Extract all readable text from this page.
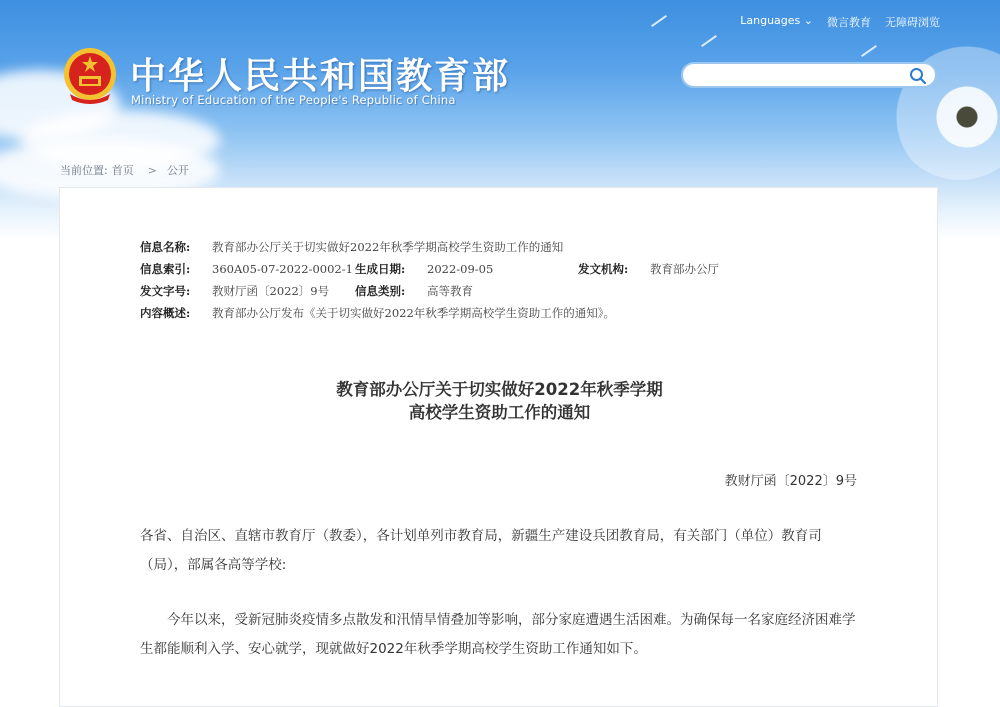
Languages ⌄ 微言教育 无障碍浏览
中华人民共和国教育部
Ministry of Education of the People's Republic of China
当前位置: 首页 > 公开
信息名称: 教育部办公厅关于切实做好2022年秋季学期高校学生资助工作的通知
信息索引: 360A05-07-2022-0002-1 生成日期: 2022-09-05	发文机构: 教育部办公厅
发文字号: 教财厅函〔2022〕9号 信息类别: 高等教育
内容概述: 教育部办公厅发布《关于切实做好2022年秋季学期高校学生资助工作的通知》。
教育部办公厅关于切实做好2022年秋季学期
高校学生资助工作的通知
教财厅函〔2022〕9号
各省、自治区、直辖市教育厅（教委），各计划单列市教育局，新疆生产建设兵团教育局，有关部门（单位）教育司（局），部属各高等学校:
今年以来，受新冠肺炎疫情多点散发和汛情旱情叠加等影响，部分家庭遭遇生活困难。为确保每一名家庭经济困难学生都能顺利入学、安心就学，现就做好2022年秋季学期高校学生资助工作通知如下。
